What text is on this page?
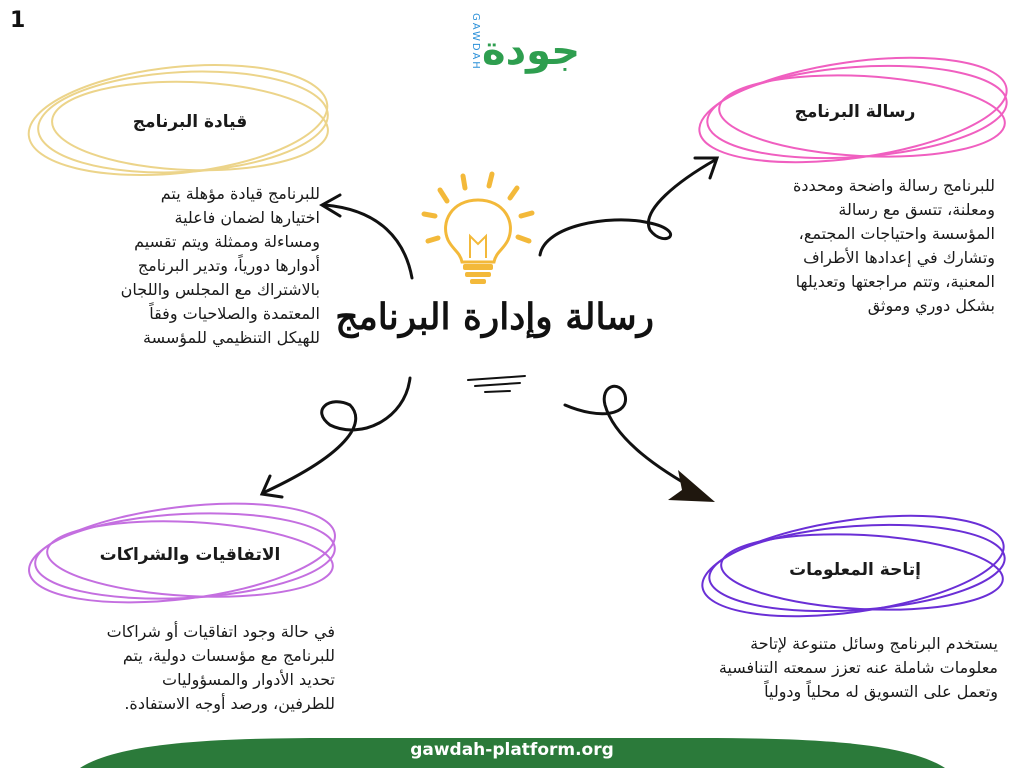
1	GAWDAH جودة
رسالة وإدارة البرنامج
قيادة البرنامج
للبرنامج قيادة مؤهلة يتم
اختيارها لضمان فاعلية
ومساءلة وممثلة ويتم تقسيم
أدوارها دورياً، وتدير البرنامج
بالاشتراك مع المجلس واللجان
المعتمدة والصلاحيات وفقاً
للهيكل التنظيمي للمؤسسة
رسالة البرنامج
للبرنامج رسالة واضحة ومحددة
ومعلنة، تتسق مع رسالة
المؤسسة واحتياجات المجتمع،
وتشارك في إعدادها الأطراف
المعنية، وتتم مراجعتها وتعديلها
بشكل دوري وموثق
الاتفاقيات والشراكات
في حالة وجود اتفاقيات أو شراكات
للبرنامج مع مؤسسات دولية، يتم
تحديد الأدوار والمسؤوليات
للطرفين، ورصد أوجه الاستفادة.
إتاحة المعلومات
يستخدم البرنامج وسائل متنوعة لإتاحة
معلومات شاملة عنه تعزز سمعته التنافسية
وتعمل على التسويق له محلياً ودولياً
gawdah-platform.org
